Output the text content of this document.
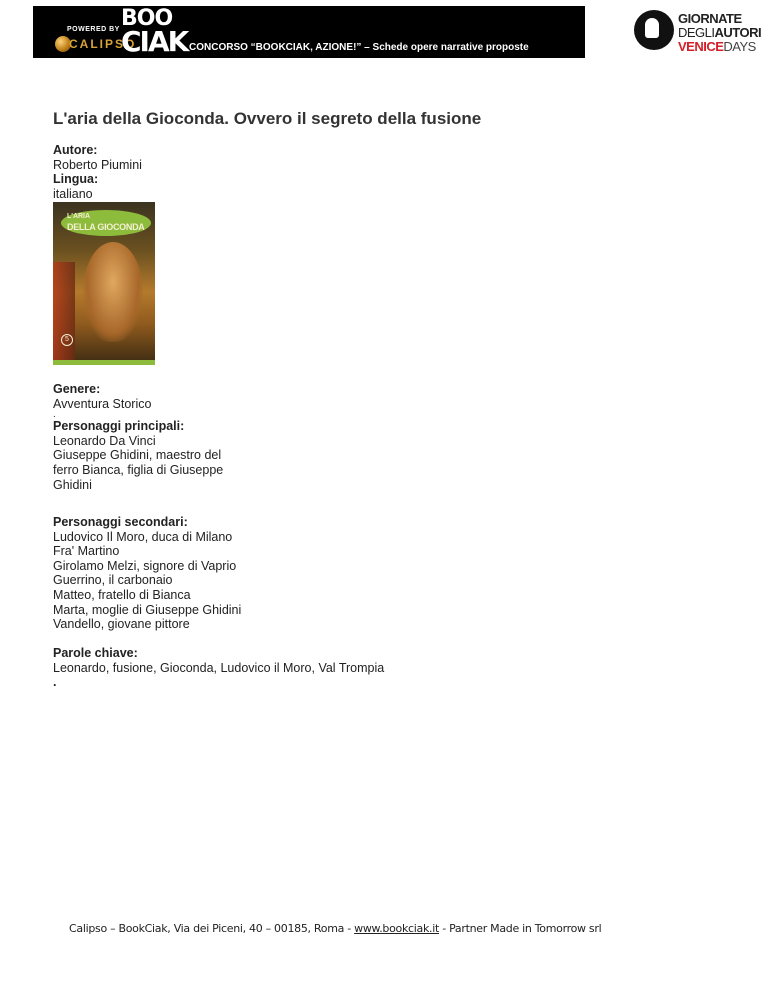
POWERED BY
CALIPSO
BOO
CIAK CONCORSO “BOOKCIAK, AZIONE!” – Schede opere narrative proposte
GIORNATE
DEGLIAUTORI
VENICEDAYS
L'aria della Gioconda. Ovvero il segreto della fusione
Autore:
Roberto Piumini
Lingua:
italiano
L'ARIA
DELLA GIOCONDA
5
Genere:
Avventura Storico
.
Personaggi principali:
Leonardo Da Vinci
Giuseppe Ghidini, maestro del
ferro Bianca, figlia di Giuseppe
Ghidini
Personaggi secondari:
Ludovico Il Moro, duca di Milano
Fra' Martino
Girolamo Melzi, signore di Vaprio
Guerrino, il carbonaio
Matteo, fratello di Bianca
Marta, moglie di Giuseppe Ghidini
Vandello, giovane pittore
Parole chiave:
Leonardo, fusione, Gioconda, Ludovico il Moro, Val Trompia
.
Calipso – BookCiak, Via dei Piceni, 40 – 00185, Roma - www.bookciak.it - Partner Made in Tomorrow srl
